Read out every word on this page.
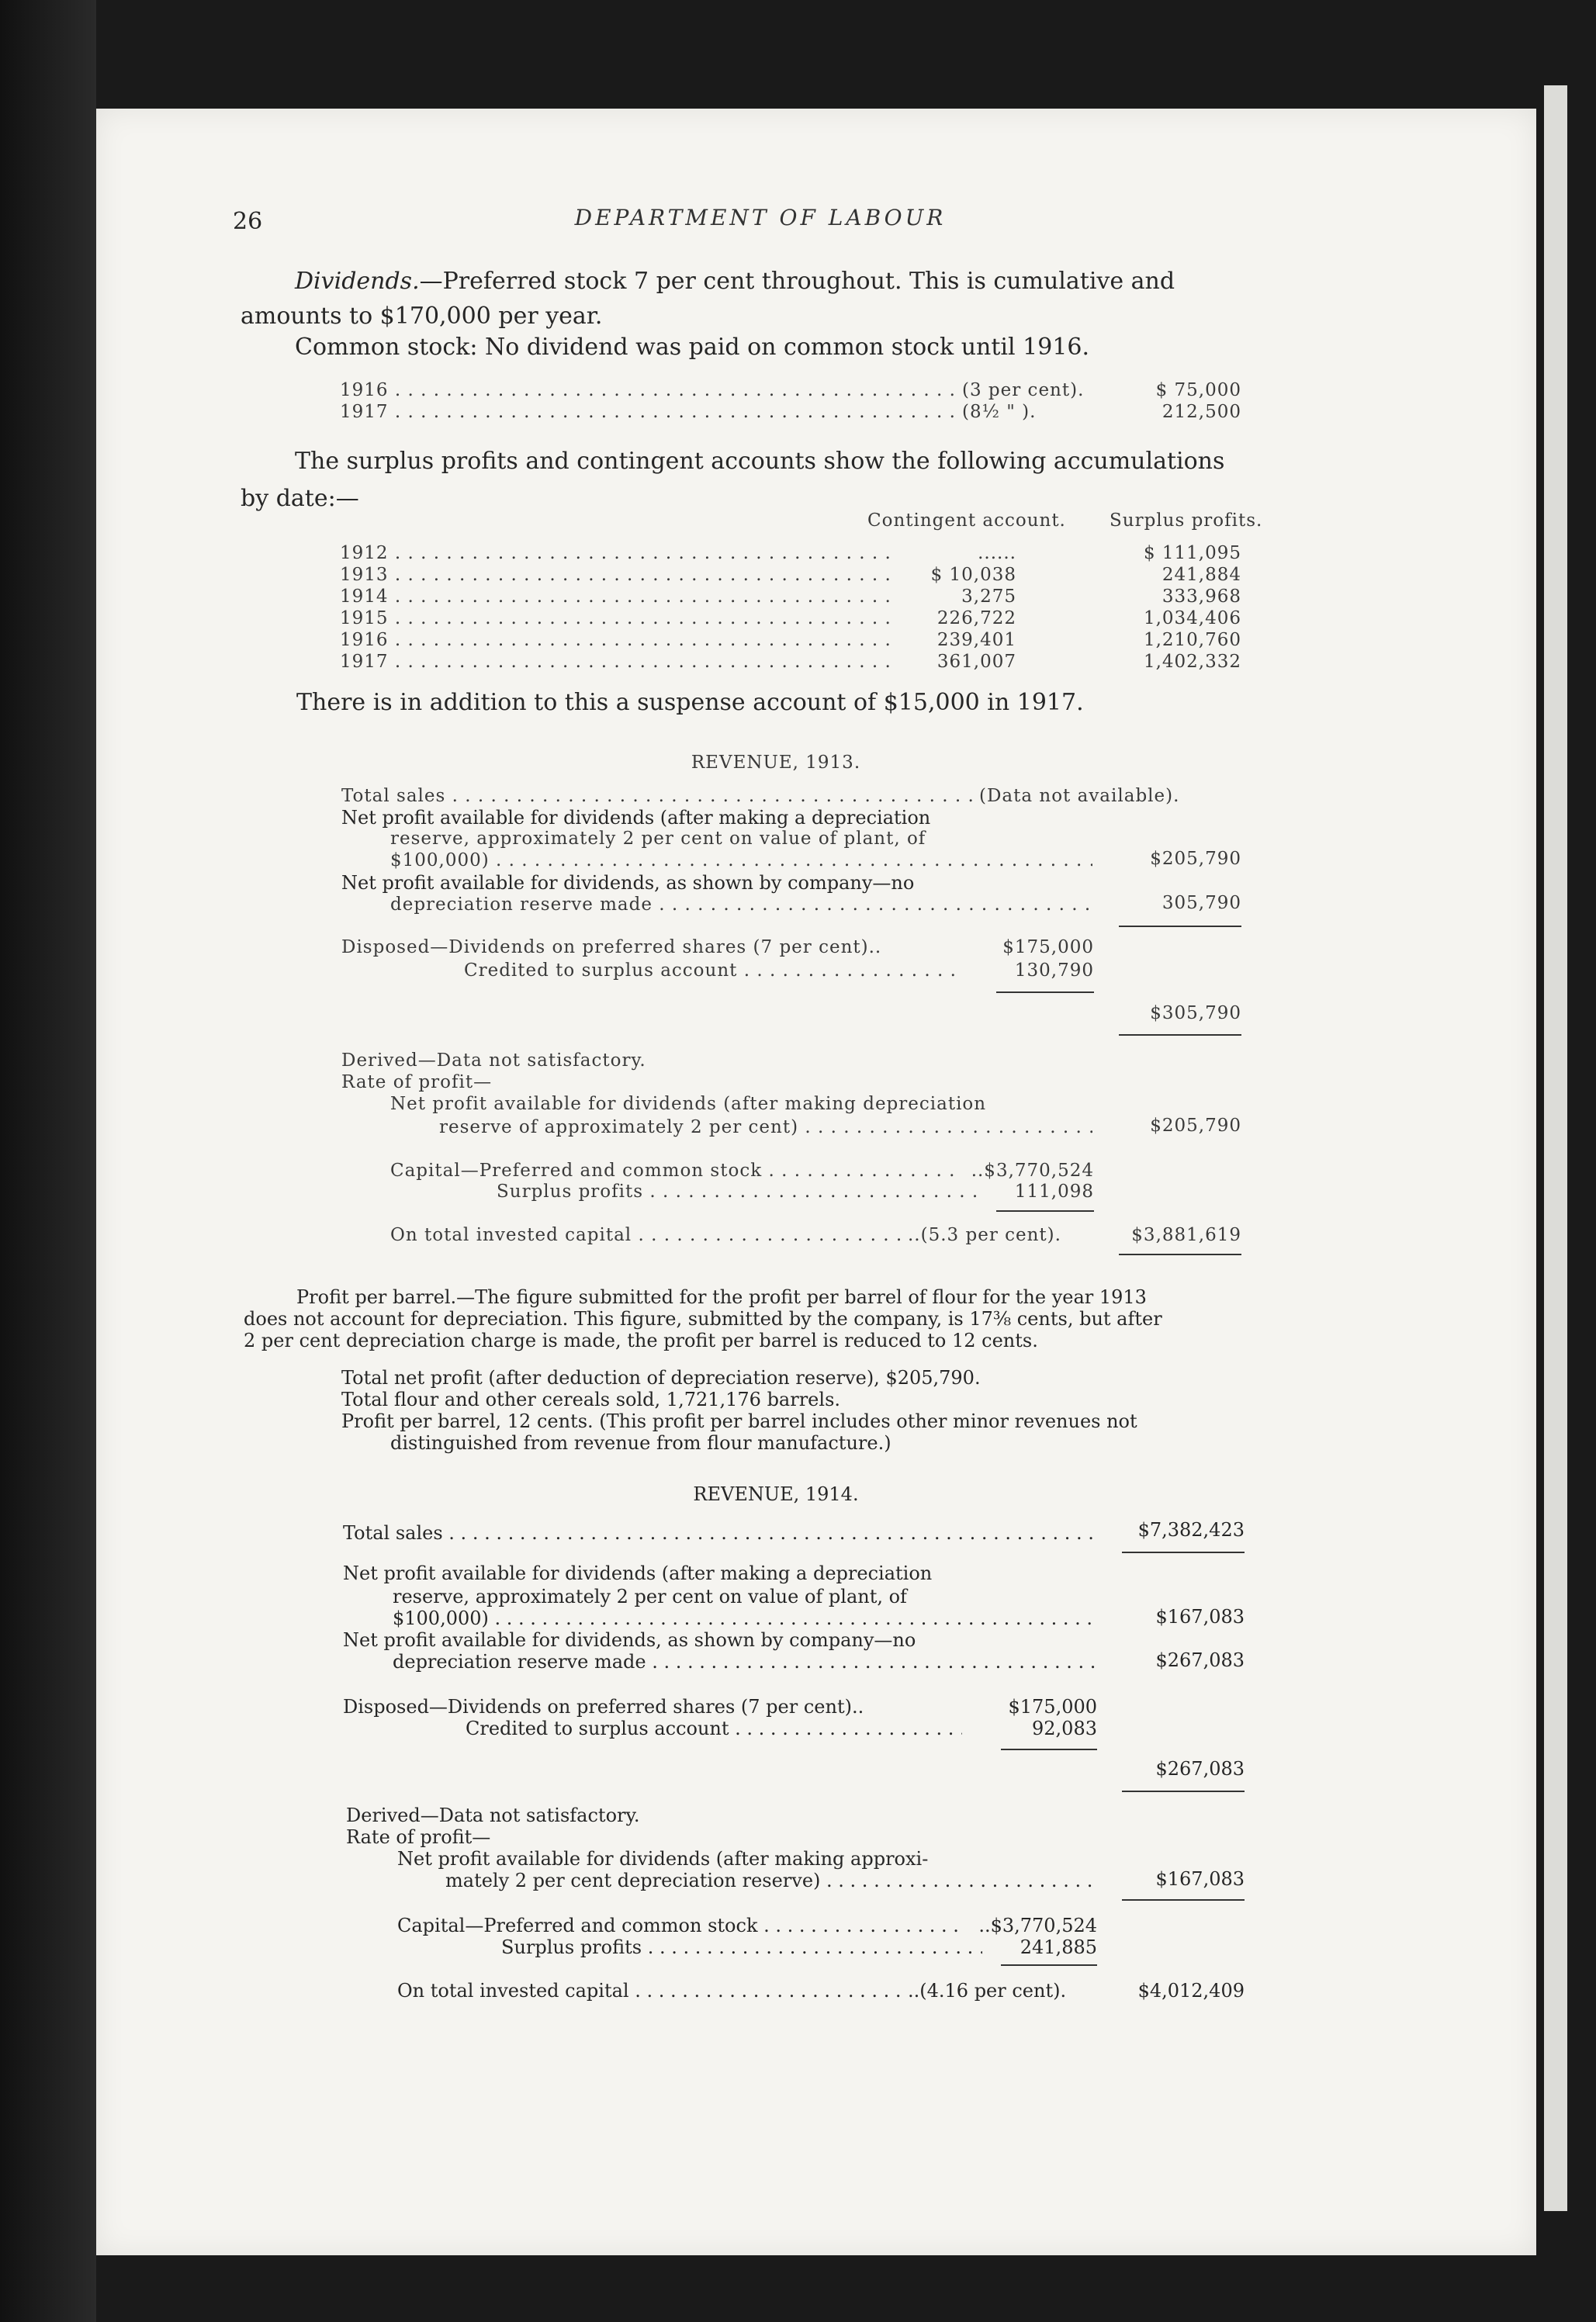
26	DEPARTMENT OF LABOUR
Dividends.—Preferred stock 7 per cent throughout. This is cumulative and
amounts to $170,000 per year.
Common stock: No dividend was paid on common stock until 1916.
1916 . . .	(3 per cent).	$ 75,000
1917 . . .	(8½ " ).	212,500
The surplus profits and contingent accounts show the following accumulations
by date:—
Contingent account. Surplus profits.
1912 . . .	......	$ 111,095
1913 . . .	$ 10,038	241,884
1914 . . .	3,275	333,968
1915 . . .	226,722	1,034,406
1916 . . .	239,401	1,210,760
1917 . . .	361,007	1,402,332
There is in addition to this a suspense account of $15,000 in 1917.
REVENUE, 1913.
Total sales . . .	(Data not available).
Net profit available for dividends (after making a depreciation
reserve, approximately 2 per cent on value of plant, of
$100,000) . . .	$205,790
Net profit available for dividends, as shown by company—no
depreciation reserve made . . .	305,790
Disposed—Dividends on preferred shares (7 per cent)..	$175,000
Credited to surplus account . . .	130,790
$305,790
Derived—Data not satisfactory.
Rate of profit—
Net profit available for dividends (after making depreciation
reserve of approximately 2 per cent) . . .	$205,790
Capital—Preferred and common stock . . .	..$3,770,524
Surplus profits . . .	111,098
On total invested capital . . .	..(5.3 per cent).	$3,881,619
Profit per barrel.—The figure submitted for the profit per barrel of flour for the year 1913
does not account for depreciation. This figure, submitted by the company, is 17⅜ cents, but after
2 per cent depreciation charge is made, the profit per barrel is reduced to 12 cents.
Total net profit (after deduction of depreciation reserve), $205,790.
Total flour and other cereals sold, 1,721,176 barrels.
Profit per barrel, 12 cents. (This profit per barrel includes other minor revenues not
distinguished from revenue from flour manufacture.)
REVENUE, 1914.
Total sales . . .	$7,382,423
Net profit available for dividends (after making a depreciation
reserve, approximately 2 per cent on value of plant, of
$100,000) . . .	$167,083
Net profit available for dividends, as shown by company—no
depreciation reserve made . . .	$267,083
Disposed—Dividends on preferred shares (7 per cent)..	$175,000
Credited to surplus account . . .	92,083
$267,083
Derived—Data not satisfactory.
Rate of profit—
Net profit available for dividends (after making approxi-
mately 2 per cent depreciation reserve) . . .	$167,083
Capital—Preferred and common stock . . .	..$3,770,524
Surplus profits . . .	241,885
On total invested capital . . .	..(4.16 per cent).	$4,012,409
